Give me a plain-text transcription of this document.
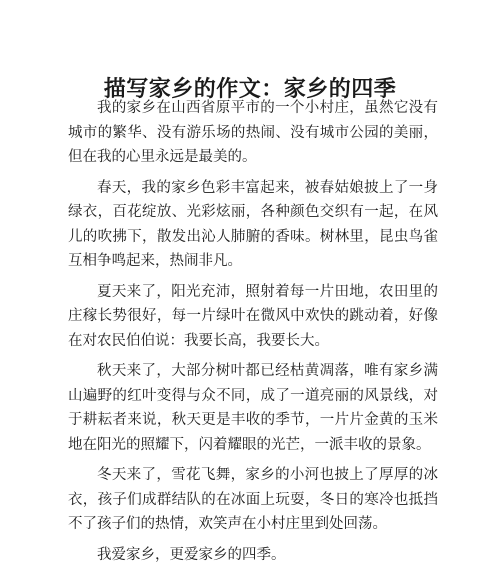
描写家乡的作文：家乡的四季

我的家乡在山西省原平市的一个小村庄，虽然它没有城市的繁华、没有游乐场的热闹、没有城市公园的美丽，但在我的心里永远是最美的。

春天，我的家乡色彩丰富起来，被春姑娘披上了一身绿衣，百花绽放、光彩炫丽，各种颜色交织有一起，在风儿的吹拂下，散发出沁人肺腑的香味。树林里，昆虫鸟雀互相争鸣起来，热闹非凡。

夏天来了，阳光充沛，照射着每一片田地，农田里的庄稼长势很好，每一片绿叶在微风中欢快的跳动着，好像在对农民伯伯说：我要长高，我要长大。

秋天来了，大部分树叶都已经枯黄凋落，唯有家乡满山遍野的红叶变得与众不同，成了一道亮丽的风景线，对于耕耘者来说，秋天更是丰收的季节，一片片金黄的玉米地在阳光的照耀下，闪着耀眼的光芒，一派丰收的景象。

冬天来了，雪花飞舞，家乡的小河也披上了厚厚的冰衣，孩子们成群结队的在冰面上玩耍，冬日的寒冷也抵挡不了孩子们的热情，欢笑声在小村庄里到处回荡。

我爱家乡，更爱家乡的四季。
